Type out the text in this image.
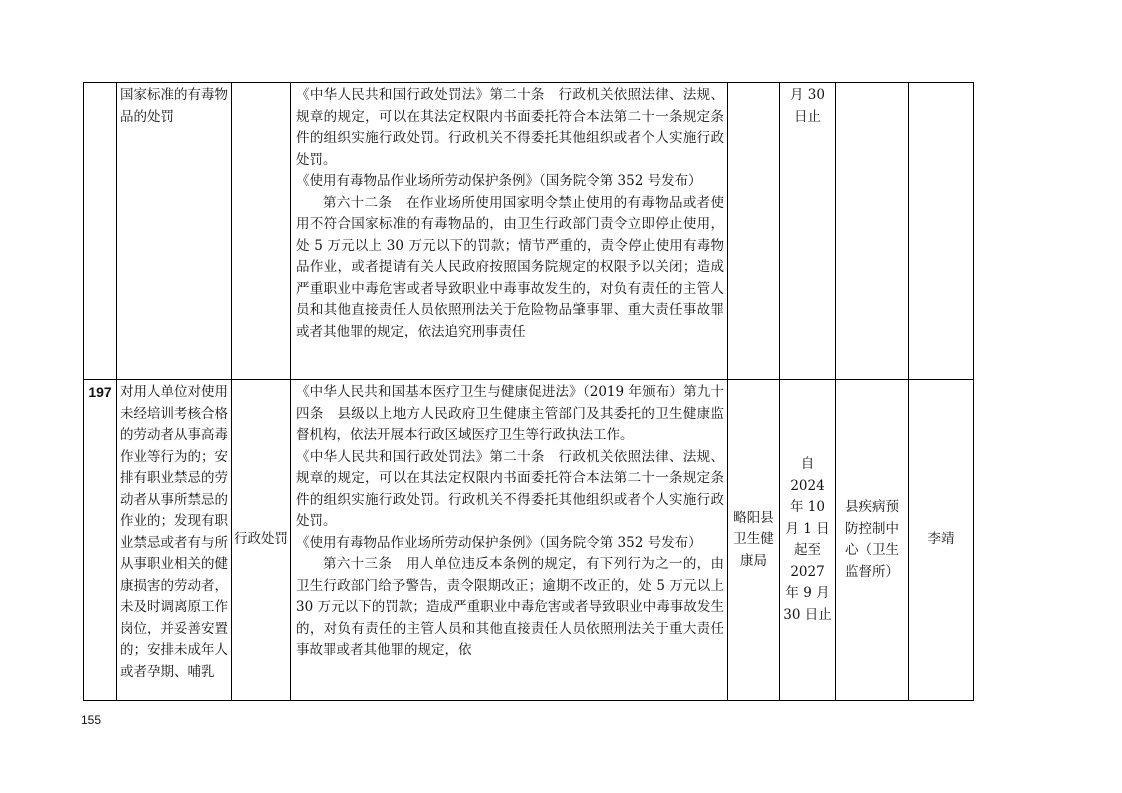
	国家标准的有毒物品的处罚		《中华人民共和国行政处罚法》第二十条　行政机关依照法律、法规、规章的规定，可以在其法定权限内书面委托符合本法第二十一条规定条件的组织实施行政处罚。行政机关不得委托其他组织或者个人实施行政处罚。

《使用有毒物品作业场所劳动保护条例》（国务院令第 352 号发布）

第六十二条　在作业场所使用国家明令禁止使用的有毒物品或者使用不符合国家标准的有毒物品的，由卫生行政部门责令立即停止使用，处 5 万元以上 30 万元以下的罚款；情节严重的，责令停止使用有毒物品作业，或者提请有关人民政府按照国务院规定的权限予以关闭；造成严重职业中毒危害或者导致职业中毒事故发生的，对负有责任的主管人员和其他直接责任人员依照刑法关于危险物品肇事罪、重大责任事故罪或者其他罪的规定，依法追究刑事责任		月 30 日止		

197	对用人单位对使用未经培训考核合格的劳动者从事高毒作业等行为的；安排有职业禁忌的劳动者从事所禁忌的作业的；发现有职业禁忌或者有与所从事职业相关的健康损害的劳动者，未及时调离原工作岗位，并妥善安置的；安排未成年人或者孕期、哺乳	行政处罚	《中华人民共和国基本医疗卫生与健康促进法》（2019 年颁布）第九十四条　县级以上地方人民政府卫生健康主管部门及其委托的卫生健康监督机构，依法开展本行政区域医疗卫生等行政执法工作。

《中华人民共和国行政处罚法》第二十条　行政机关依照法律、法规、规章的规定，可以在其法定权限内书面委托符合本法第二十一条规定条件的组织实施行政处罚。行政机关不得委托其他组织或者个人实施行政处罚。

《使用有毒物品作业场所劳动保护条例》（国务院令第 352 号发布）

第六十三条　用人单位违反本条例的规定，有下列行为之一的，由卫生行政部门给予警告，责令限期改正；逾期不改正的，处 5 万元以上 30 万元以下的罚款；造成严重职业中毒危害或者导致职业中毒事故发生的，对负有责任的主管人员和其他直接责任人员依照刑法关于重大责任事故罪或者其他罪的规定，依	略阳县卫生健康局	自 2024 年 10 月 1 日起至 2027 年 9 月 30 日止	县疾病预防控制中心（卫生监督所）	李靖
155
